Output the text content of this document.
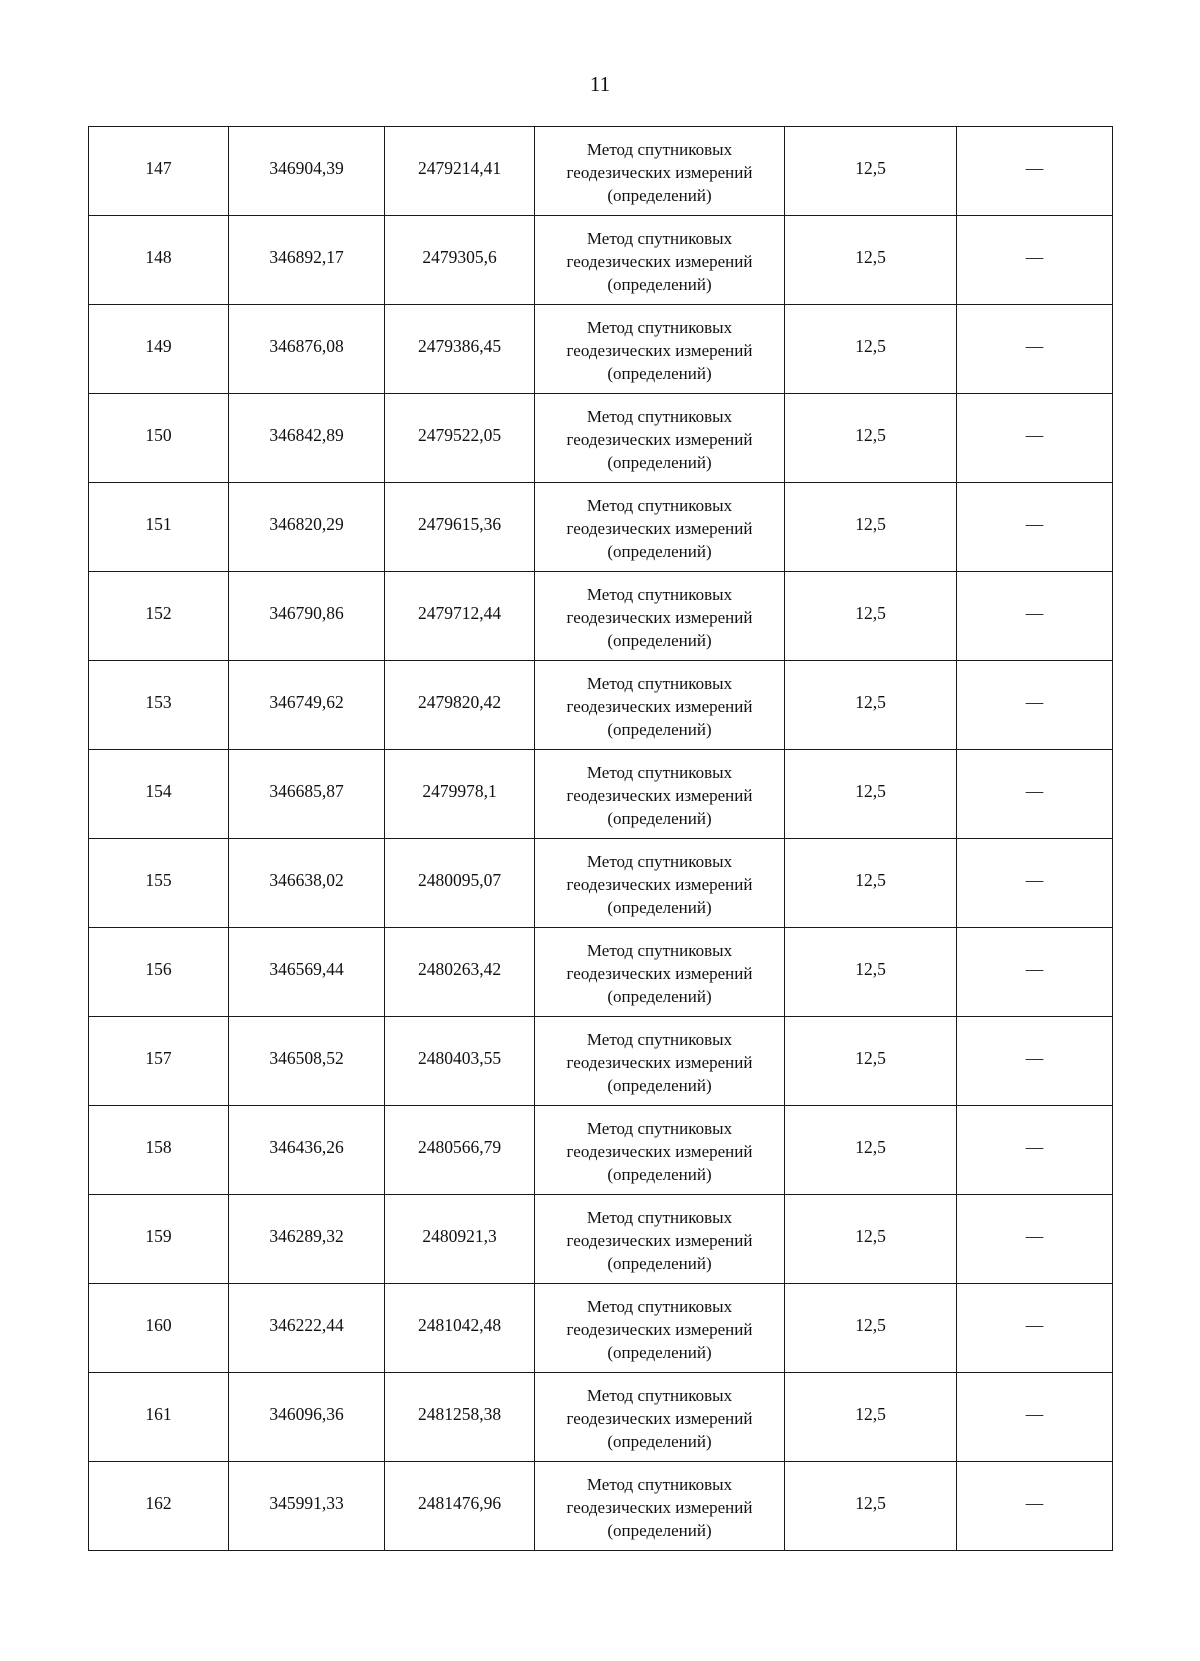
11
147	346904,39	2479214,41	Метод спутниковых
геодезических измерений
(определений)	12,5	—
148	346892,17	2479305,6	Метод спутниковых
геодезических измерений
(определений)	12,5	—
149	346876,08	2479386,45	Метод спутниковых
геодезических измерений
(определений)	12,5	—
150	346842,89	2479522,05	Метод спутниковых
геодезических измерений
(определений)	12,5	—
151	346820,29	2479615,36	Метод спутниковых
геодезических измерений
(определений)	12,5	—
152	346790,86	2479712,44	Метод спутниковых
геодезических измерений
(определений)	12,5	—
153	346749,62	2479820,42	Метод спутниковых
геодезических измерений
(определений)	12,5	—
154	346685,87	2479978,1	Метод спутниковых
геодезических измерений
(определений)	12,5	—
155	346638,02	2480095,07	Метод спутниковых
геодезических измерений
(определений)	12,5	—
156	346569,44	2480263,42	Метод спутниковых
геодезических измерений
(определений)	12,5	—
157	346508,52	2480403,55	Метод спутниковых
геодезических измерений
(определений)	12,5	—
158	346436,26	2480566,79	Метод спутниковых
геодезических измерений
(определений)	12,5	—
159	346289,32	2480921,3	Метод спутниковых
геодезических измерений
(определений)	12,5	—
160	346222,44	2481042,48	Метод спутниковых
геодезических измерений
(определений)	12,5	—
161	346096,36	2481258,38	Метод спутниковых
геодезических измерений
(определений)	12,5	—
162	345991,33	2481476,96	Метод спутниковых
геодезических измерений
(определений)	12,5	—
